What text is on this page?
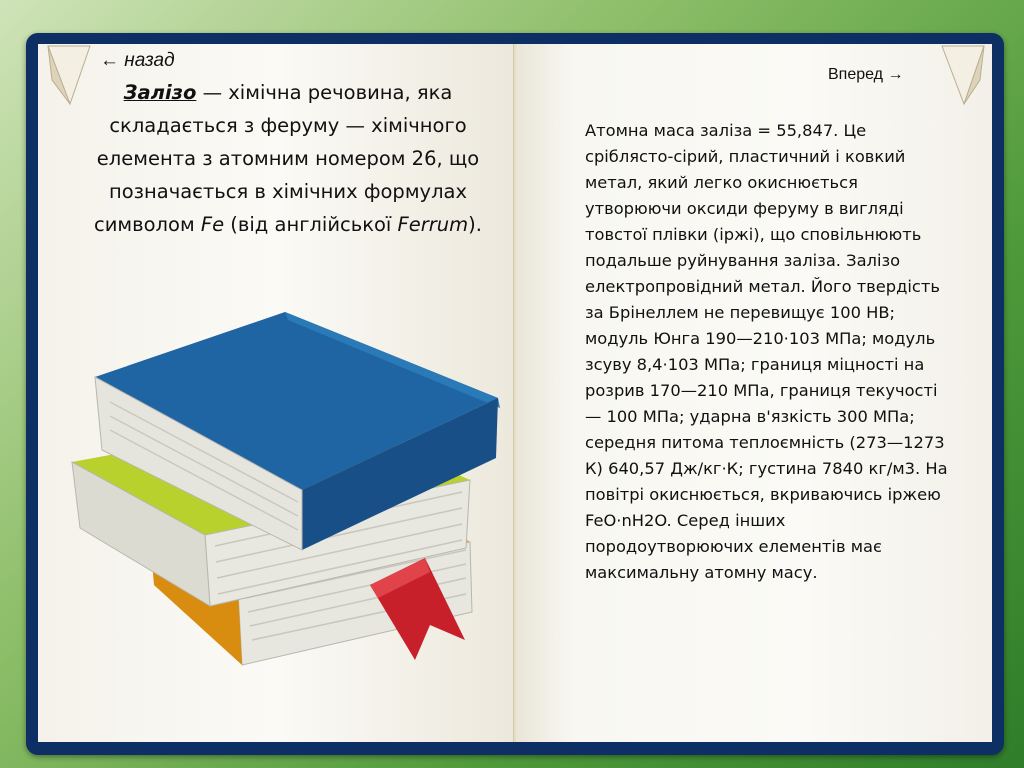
← назад
Вперед →
Залізо — хімічна речовина, яка складається з феруму — хімічного елемента з атомним номером 26, що позначається в хімічних формулах символом Fe (від англійської Ferrum).
Атомна маса заліза = 55,847. Це сріблясто-сірий, пластичний і ковкий метал, який легко окиснюється утворюючи оксиди феруму в вигляді товстої плівки (іржі), що сповільнюють подальше руйнування заліза. Залізо електропровідний метал. Його твердість за Брінеллем не перевищує 100 НВ; модуль Юнга 190—210·103 МПа; модуль зсуву 8,4·103 МПа; границя міцності на розрив 170—210 МПа, границя текучості — 100 МПа; ударна в'язкість 300 МПа; середня питома теплоємність (273—1273 К) 640,57 Дж/кг·К; густина 7840 кг/м3. На повітрі окиснюється, вкриваючись іржею FeO·nH2O. Серед інших породоутворюючих елементів має максимальну атомну масу.
